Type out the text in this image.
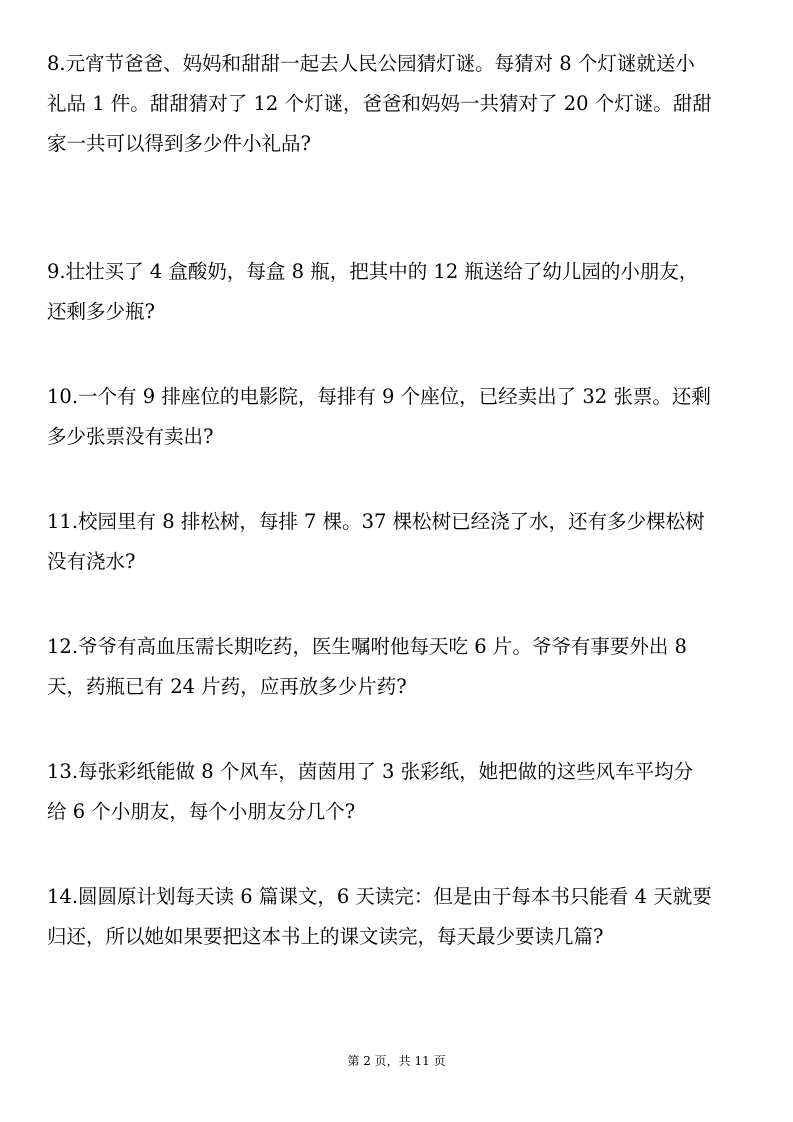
8.元宵节爸爸、妈妈和甜甜一起去人民公园猜灯谜。每猜对 8 个灯谜就送小
礼品 1 件。甜甜猜对了 12 个灯谜，爸爸和妈妈一共猜对了 20 个灯谜。甜甜
家一共可以得到多少件小礼品?
9.壮壮买了 4 盒酸奶，每盒 8 瓶，把其中的 12 瓶送给了幼儿园的小朋友，
还剩多少瓶?
10.一个有 9 排座位的电影院，每排有 9 个座位，已经卖出了 32 张票。还剩
多少张票没有卖出?
11.校园里有 8 排松树，每排 7 棵。37 棵松树已经浇了水，还有多少棵松树
没有浇水?
12.爷爷有高血压需长期吃药，医生嘱咐他每天吃 6 片。爷爷有事要外出 8
天，药瓶已有 24 片药，应再放多少片药?
13.每张彩纸能做 8 个风车，茵茵用了 3 张彩纸，她把做的这些风车平均分
给 6 个小朋友，每个小朋友分几个?
14.圆圆原计划每天读 6 篇课文，6 天读完：但是由于每本书只能看 4 天就要
归还，所以她如果要把这本书上的课文读完，每天最少要读几篇?
第 2 页，共 11 页
